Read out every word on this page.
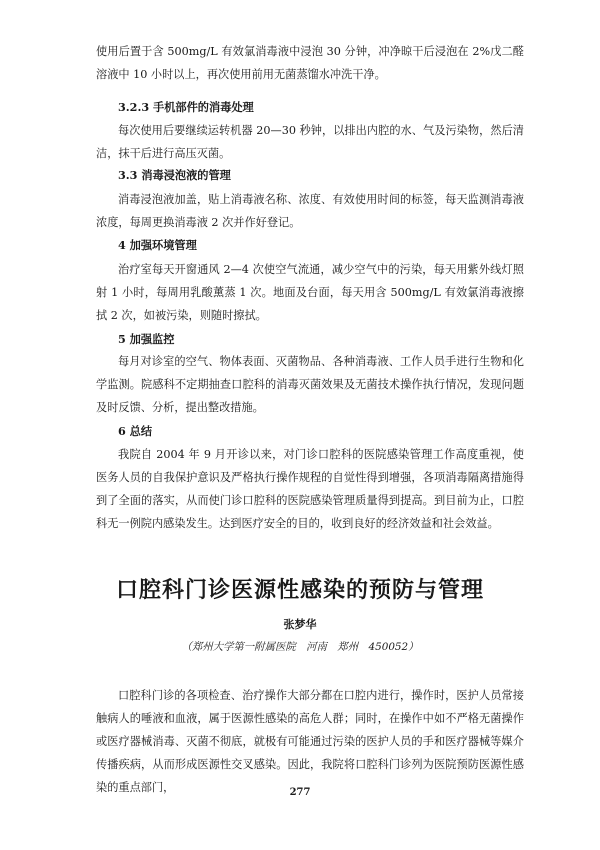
使用后置于含 500mg/L 有效氯消毒液中浸泡 30 分钟，冲净晾干后浸泡在 2%戊二醛溶液中 10 小时以上，再次使用前用无菌蒸馏水冲洗干净。

3.2.3 手机部件的消毒处理

每次使用后要继续运转机器 20—30 秒钟，以排出内腔的水、气及污染物，然后清洁，抹干后进行高压灭菌。

3.3 消毒浸泡液的管理

消毒浸泡液加盖，贴上消毒液名称、浓度、有效使用时间的标签，每天监测消毒液浓度，每周更换消毒液 2 次并作好登记。

4 加强环境管理

治疗室每天开窗通风 2—4 次使空气流通，减少空气中的污染，每天用紫外线灯照射 1 小时，每周用乳酸薰蒸 1 次。地面及台面，每天用含 500mg/L 有效氯消毒液擦拭 2 次，如被污染，则随时擦拭。

5 加强监控

每月对诊室的空气、物体表面、灭菌物品、各种消毒液、工作人员手进行生物和化学监测。院感科不定期抽查口腔科的消毒灭菌效果及无菌技术操作执行情况，发现问题及时反馈、分析，提出整改措施。

6 总结

我院自 2004 年 9 月开诊以来，对门诊口腔科的医院感染管理工作高度重视，使医务人员的自我保护意识及严格执行操作规程的自觉性得到增强，各项消毒隔离措施得到了全面的落实，从而使门诊口腔科的医院感染管理质量得到提高。到目前为止，口腔科无一例院内感染发生。达到医疗安全的目的，收到良好的经济效益和社会效益。

口腔科门诊医源性感染的预防与管理

张梦华

（郑州大学第一附属医院　河南　郑州　450052）

口腔科门诊的各项检查、治疗操作大部分都在口腔内进行，操作时，医护人员常接触病人的唾液和血液，属于医源性感染的高危人群；同时，在操作中如不严格无菌操作或医疗器械消毒、灭菌不彻底，就极有可能通过污染的医护人员的手和医疗器械等媒介传播疾病，从而形成医源性交叉感染。因此，我院将口腔科门诊列为医院预防医源性感染的重点部门，	277
